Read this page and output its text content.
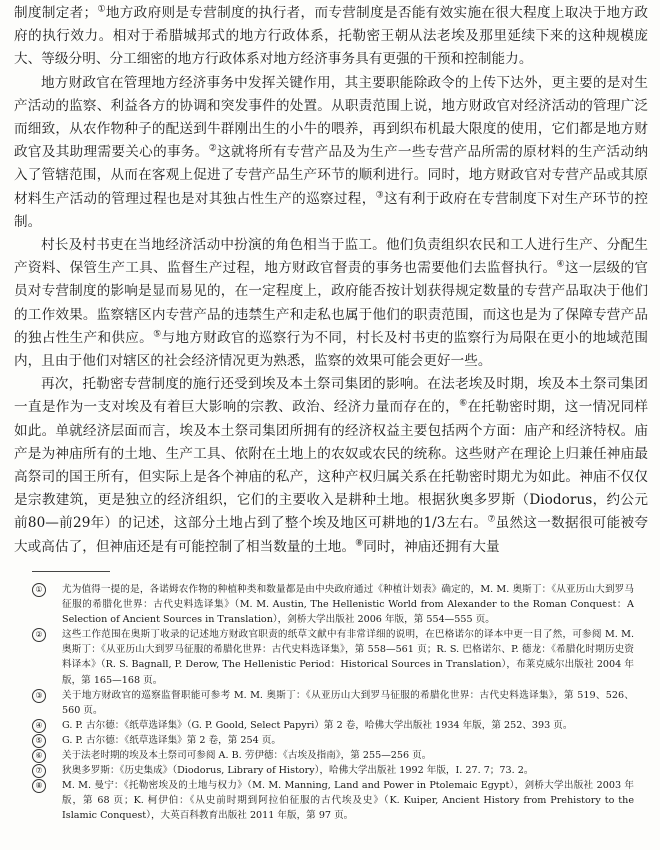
制度制定者；①地方政府则是专营制度的执行者，而专营制度是否能有效实施在很大程度上取决于地方政府的执行效力。相对于希腊城邦式的地方行政体系，托勒密王朝从法老埃及那里延续下来的这种规模庞大、等级分明、分工细密的地方行政体系对地方经济事务具有更强的干预和控制能力。

地方财政官在管理地方经济事务中发挥关键作用，其主要职能除政令的上传下达外，更主要的是对生产活动的监察、利益各方的协调和突发事件的处置。从职责范围上说，地方财政官对经济活动的管理广泛而细致，从农作物种子的配送到牛群刚出生的小牛的喂养，再到织布机最大限度的使用，它们都是地方财政官及其助理需要关心的事务。②这就将所有专营产品及为生产一些专营产品所需的原材料的生产活动纳入了管辖范围，从而在客观上促进了专营产品生产环节的顺利进行。同时，地方财政官对专营产品或其原材料生产活动的管理过程也是对其独占性生产的巡察过程，③这有利于政府在专营制度下对生产环节的控制。

村长及村书吏在当地经济活动中扮演的角色相当于监工。他们负责组织农民和工人进行生产、分配生产资料、保管生产工具、监督生产过程，地方财政官督责的事务也需要他们去监督执行。④这一层级的官员对专营制度的影响是显而易见的，在一定程度上，政府能否按计划获得规定数量的专营产品取决于他们的工作效果。监察辖区内专营产品的违禁生产和走私也属于他们的职责范围，而这也是为了保障专营产品的独占性生产和供应。⑤与地方财政官的巡察行为不同，村长及村书吏的监察行为局限在更小的地域范围内，且由于他们对辖区的社会经济情况更为熟悉，监察的效果可能会更好一些。

再次，托勒密专营制度的施行还受到埃及本土祭司集团的影响。在法老埃及时期，埃及本土祭司集团一直是作为一支对埃及有着巨大影响的宗教、政治、经济力量而存在的，⑥在托勒密时期，这一情况同样如此。单就经济层面而言，埃及本土祭司集团所拥有的经济权益主要包括两个方面：庙产和经济特权。庙产是为神庙所有的土地、生产工具、依附在土地上的农奴或农民的统称。这些财产在理论上归兼任神庙最高祭司的国王所有，但实际上是各个神庙的私产，这种产权归属关系在托勒密时期尤为如此。神庙不仅仅是宗教建筑，更是独立的经济组织，它们的主要收入是耕种土地。根据狄奥多罗斯（Diodorus，约公元前80—前29年）的记述，这部分土地占到了整个埃及地区可耕地的1/3左右。⑦虽然这一数据很可能被夸大或高估了，但神庙还是有可能控制了相当数量的土地。⑧同时，神庙还拥有大量

①	尤为值得一提的是，各诺姆农作物的种植种类和数量都是由中央政府通过《种植计划表》确定的，M. M. 奥斯丁：《从亚历山大到罗马征服的希腊化世界：古代史料选译集》（M. M. Austin, The Hellenistic World from Alexander to the Roman Conquest：A Selection of Ancient Sources in Translation），剑桥大学出版社 2006 年版，第 554—555 页。

②	这些工作范围在奥斯丁收录的记述地方财政官职责的纸草文献中有非常详细的说明，在巴格诺尔的译本中更一目了然，可参阅 M. M. 奥斯丁：《从亚历山大到罗马征服的希腊化世界：古代史料选译集》，第 558—561 页；R. S. 巴格诺尔、P. 德龙：《希腊化时期历史资料译本》（R. S. Bagnall, P. Derow, The Hellenistic Period：Historical Sources in Translation），布莱克威尔出版社 2004 年版，第 165—168 页。

③	关于地方财政官的巡察监督职能可参考 M. M. 奥斯丁：《从亚历山大到罗马征服的希腊化世界：古代史料选译集》，第 519、526、560 页。

④	G. P. 古尔德：《纸草选译集》（G. P. Goold, Select Papyri）第 2 卷，哈佛大学出版社 1934 年版，第 252、393 页。

⑤	G. P. 古尔德：《纸草选译集》第 2 卷，第 254 页。

⑥	关于法老时期的埃及本土祭司可参阅 A. B. 劳伊德：《古埃及指南》，第 255—256 页。

⑦	狄奥多罗斯：《历史集成》（Diodorus, Library of History），哈佛大学出版社 1992 年版，I. 27. 7；73. 2。

⑧	M. M. 曼宁：《托勒密埃及的土地与权力》（M. M. Manning, Land and Power in Ptolemaic Egypt），剑桥大学出版社 2003 年版，第 68 页；K. 柯伊伯：《从史前时期到阿拉伯征服的古代埃及史》（K. Kuiper, Ancient History from Prehistory to the Islamic Conquest），大英百科教育出版社 2011 年版，第 97 页。
